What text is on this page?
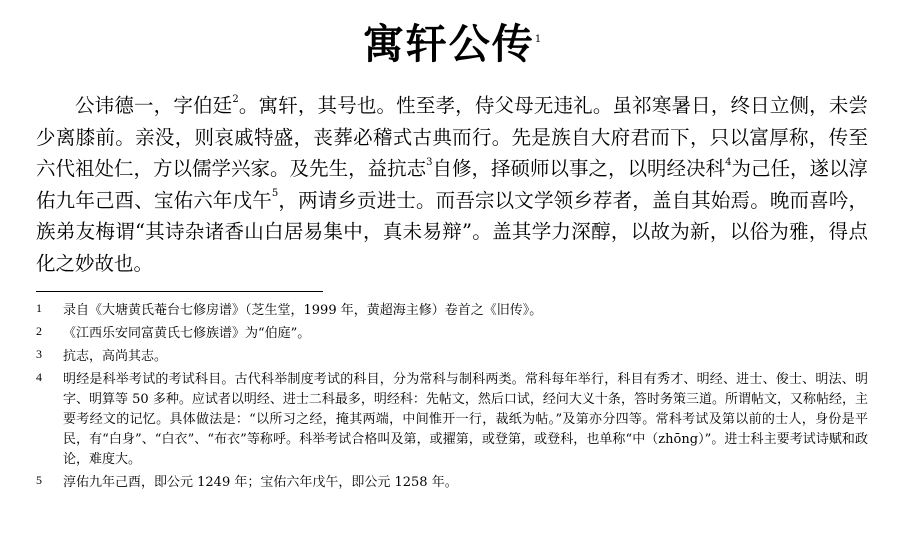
寓轩公传$^1$

公讳德一，字伯廷$^2$。寓轩，其号也。性至孝，侍父母无违礼。虽祁寒暑日，终日立侧，未尝少离膝前。亲没，则哀戚特盛，丧葬必稽式古典而行。先是族自大府君而下，只以富厚称，传至六代祖处仁，方以儒学兴家。及先生，益抗志$^3$自修，择硕师以事之，以明经决科$^4$为己任，遂以淳佑九年己酉、宝佑六年戊午$^5$，两请乡贡进士。而吾宗以文学领乡荐者，盖自其始焉。晚而喜吟，族弟友梅谓“其诗杂诸香山白居易集中，真未易辩”。盖其学力深醇，以故为新，以俗为雅，得点化之妙故也。

1 录自《大塘黄氏菴台七修房谱》（芝生堂，1999 年，黄超海主修）卷首之《旧传》。
2 《江西乐安同富黄氏七修族谱》为“伯庭”。
3 抗志，高尚其志。
4 明经是科举考试的考试科目。古代科举制度考试的科目，分为常科与制科两类。常科每年举行，科目有秀才、明经、进士、俊士、明法、明字、明算等 50 多种。应试者以明经、进士二科最多，明经科：先帖文，然后口试，经问大义十条，答时务策三道。所谓帖文，又称帖经，主要考经文的记忆。具体做法是：“以所习之经，掩其两端，中间惟开一行，裁纸为帖。”及第亦分四等。常科考试及第以前的士人，身份是平民，有“白身”、“白衣”、“布衣”等称呼。科举考试合格叫及第，或擢第，或登第，或登科，也单称“中（zhōng）”。进士科主要考试诗赋和政论，难度大。
5 淳佑九年己酉，即公元 1249 年；宝佑六年戊午，即公元 1258 年。
